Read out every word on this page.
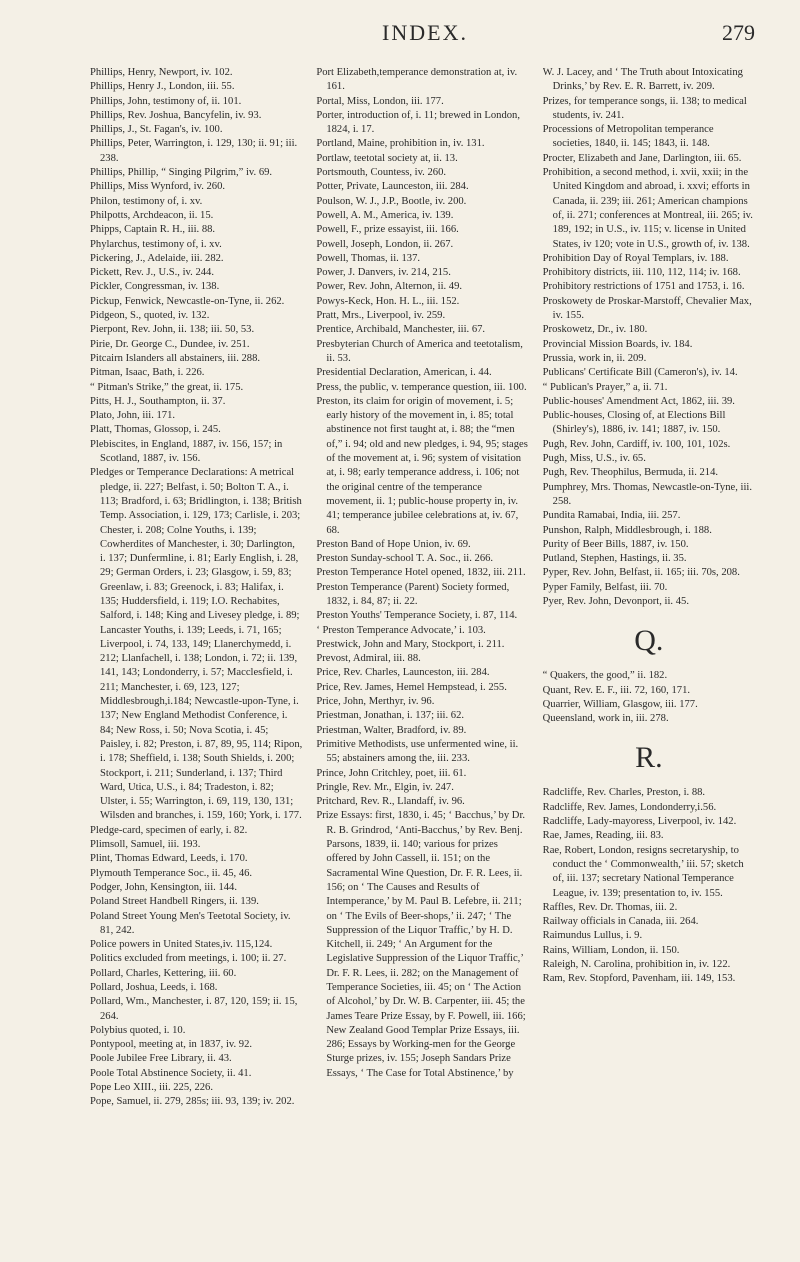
INDEX.	279

Phillips, Henry, Newport, iv. 102.

Phillips, Henry J., London, iii. 55.

Phillips, John, testimony of, ii. 101.

Phillips, Rev. Joshua, Bancyfelin, iv. 93.

Phillips, J., St. Fagan's, iv. 100.

Phillips, Peter, Warrington, i. 129, 130; ii. 91; iii. 238.

Phillips, Phillip, “ Singing Pilgrim,” iv. 69.

Phillips, Miss Wynford, iv. 260.

Philon, testimony of, i. xv.

Philpotts, Archdeacon, ii. 15.

Phipps, Captain R. H., iii. 88.

Phylarchus, testimony of, i. xv.

Pickering, J., Adelaide, iii. 282.

Pickett, Rev. J., U.S., iv. 244.

Pickler, Congressman, iv. 138.

Pickup, Fenwick, Newcastle-on-Tyne, ii. 262.

Pidgeon, S., quoted, iv. 132.

Pierpont, Rev. John, ii. 138; iii. 50, 53.

Pirie, Dr. George C., Dundee, iv. 251.

Pitcairn Islanders all abstainers, iii. 288.

Pitman, Isaac, Bath, i. 226.

“ Pitman's Strike,” the great, ii. 175.

Pitts, H. J., Southampton, ii. 37.

Plato, John, iii. 171.

Platt, Thomas, Glossop, i. 245.

Plebiscites, in England, 1887, iv. 156, 157; in Scotland, 1887, iv. 156.

Pledges or Temperance Declarations: A metrical pledge, ii. 227; Belfast, i. 50; Bolton T. A., i. 113; Bradford, i. 63; Bridlington, i. 138; British Temp. Association, i. 129, 173; Carlisle, i. 203; Chester, i. 208; Colne Youths, i. 139; Cowherdites of Manchester, i. 30; Darlington, i. 137; Dunfermline, i. 81; Early English, i. 28, 29; German Orders, i. 23; Glasgow, i. 59, 83; Greenlaw, i. 83; Greenock, i. 83; Halifax, i. 135; Huddersfield, i. 119; I.O. Rechabites, Salford, i. 148; King and Livesey pledge, i. 89; Lancaster Youths, i. 139; Leeds, i. 71, 165; Liverpool, i. 74, 133, 149; Llanerchymedd, i. 212; Llanfachell, i. 138; London, i. 72; ii. 139, 141, 143; Londonderry, i. 57; Macclesfield, i. 211; Manchester, i. 69, 123, 127; Middlesbrough,i.184; Newcastle-upon-Tyne, i. 137; New England Methodist Conference, i. 84; New Ross, i. 50; Nova Scotia, i. 45; Paisley, i. 82; Preston, i. 87, 89, 95, 114; Ripon, i. 178; Sheffield, i. 138; South Shields, i. 200; Stockport, i. 211; Sunderland, i. 137; Third Ward, Utica, U.S., i. 84; Tradeston, i. 82; Ulster, i. 55; Warrington, i. 69, 119, 130, 131; Wilsden and branches, i. 159, 160; York, i. 177.

Pledge-card, specimen of early, i. 82.

Plimsoll, Samuel, iii. 193.

Plint, Thomas Edward, Leeds, i. 170.

Plymouth Temperance Soc., ii. 45, 46.

Podger, John, Kensington, iii. 144.

Poland Street Handbell Ringers, ii. 139.

Poland Street Young Men's Teetotal Society, iv. 81, 242.

Police powers in United States,iv. 115,124.

Politics excluded from meetings, i. 100; ii. 27.

Pollard, Charles, Kettering, iii. 60.

Pollard, Joshua, Leeds, i. 168.

Pollard, Wm., Manchester, i. 87, 120, 159; ii. 15, 264.

Polybius quoted, i. 10.

Pontypool, meeting at, in 1837, iv. 92.

Poole Jubilee Free Library, ii. 43.

Poole Total Abstinence Society, ii. 41.

Pope Leo XIII., iii. 225, 226.

Pope, Samuel, ii. 279, 285s; iii. 93, 139; iv. 202.

Port Elizabeth,temperance demonstration at, iv. 161.

Portal, Miss, London, iii. 177.

Porter, introduction of, i. 11; brewed in London, 1824, i. 17.

Portland, Maine, prohibition in, iv. 131.

Portlaw, teetotal society at, ii. 13.

Portsmouth, Countess, iv. 260.

Potter, Private, Launceston, iii. 284.

Poulson, W. J., J.P., Bootle, iv. 200.

Powell, A. M., America, iv. 139.

Powell, F., prize essayist, iii. 166.

Powell, Joseph, London, ii. 267.

Powell, Thomas, ii. 137.

Power, J. Danvers, iv. 214, 215.

Power, Rev. John, Alternon, ii. 49.

Powys-Keck, Hon. H. L., iii. 152.

Pratt, Mrs., Liverpool, iv. 259.

Prentice, Archibald, Manchester, iii. 67.

Presbyterian Church of America and teetotalism, ii. 53.

Presidential Declaration, American, i. 44.

Press, the public, v. temperance question, iii. 100.

Preston, its claim for origin of movement, i. 5; early history of the movement in, i. 85; total abstinence not first taught at, i. 88; the “men of,” i. 94; old and new pledges, i. 94, 95; stages of the movement at, i. 96; system of visitation at, i. 98; early temperance address, i. 106; not the original centre of the temperance movement, ii. 1; public-house property in, iv. 41; temperance jubilee celebrations at, iv. 67, 68.

Preston Band of Hope Union, iv. 69.

Preston Sunday-school T. A. Soc., ii. 266.

Preston Temperance Hotel opened, 1832, iii. 211.

Preston Temperance (Parent) Society formed, 1832, i. 84, 87; ii. 22.

Preston Youths' Temperance Society, i. 87, 114.

‘ Preston Temperance Advocate,’ i. 103.

Prestwick, John and Mary, Stockport, i. 211.

Prevost, Admiral, iii. 88.

Price, Rev. Charles, Launceston, iii. 284.

Price, Rev. James, Hemel Hempstead, i. 255.

Price, John, Merthyr, iv. 96.

Priestman, Jonathan, i. 137; iii. 62.

Priestman, Walter, Bradford, iv. 89.

Primitive Methodists, use unfermented wine, ii. 55; abstainers among the, iii. 233.

Prince, John Critchley, poet, iii. 61.

Pringle, Rev. Mr., Elgin, iv. 247.

Pritchard, Rev. R., Llandaff, iv. 96.

Prize Essays: first, 1830, i. 45; ‘ Bacchus,’ by Dr. R. B. Grindrod, ‘Anti-Bacchus,’ by Rev. Benj. Parsons, 1839, ii. 140; various for prizes offered by John Cassell, ii. 151; on the Sacramental Wine Question, Dr. F. R. Lees, ii. 156; on ‘ The Causes and Results of Intemperance,’ by M. Paul B. Lefebre, ii. 211; on ‘ The Evils of Beer-shops,’ ii. 247; ‘ The Suppression of the Liquor Traffic,’ by H. D. Kitchell, ii. 249; ‘ An Argument for the Legislative Suppression of the Liquor Traffic,’ Dr. F. R. Lees, ii. 282; on the Management of Temperance Societies, iii. 45; on ‘ The Action of Alcohol,’ by Dr. W. B. Carpenter, iii. 45; the James Teare Prize Essay, by F. Powell, iii. 166; New Zealand Good Templar Prize Essays, iii. 286; Essays by Working-men for the George Sturge prizes, iv. 155; Joseph Sandars Prize Essays, ‘ The Case for Total Abstinence,’ by

W. J. Lacey, and ‘ The Truth about Intoxicating Drinks,’ by Rev. E. R. Barrett, iv. 209.

Prizes, for temperance songs, ii. 138; to medical students, iv. 241.

Processions of Metropolitan temperance societies, 1840, ii. 145; 1843, ii. 148.

Procter, Elizabeth and Jane, Darlington, iii. 65.

Prohibition, a second method, i. xvii, xxii; in the United Kingdom and abroad, i. xxvi; efforts in Canada, ii. 239; iii. 261; American champions of, ii. 271; conferences at Montreal, iii. 265; iv. 189, 192; in U.S., iv. 115; v. license in United States, iv 120; vote in U.S., growth of, iv. 138.

Prohibition Day of Royal Templars, iv. 188.

Prohibitory districts, iii. 110, 112, 114; iv. 168.

Prohibitory restrictions of 1751 and 1753, i. 16.

Proskowety de Proskar-Marstoff, Chevalier Max, iv. 155.

Proskowetz, Dr., iv. 180.

Provincial Mission Boards, iv. 184.

Prussia, work in, ii. 209.

Publicans' Certificate Bill (Cameron's), iv. 14.

“ Publican's Prayer,” a, ii. 71.

Public-houses' Amendment Act, 1862, iii. 39.

Public-houses, Closing of, at Elections Bill (Shirley's), 1886, iv. 141; 1887, iv. 150.

Pugh, Rev. John, Cardiff, iv. 100, 101, 102s.

Pugh, Miss, U.S., iv. 65.

Pugh, Rev. Theophilus, Bermuda, ii. 214.

Pumphrey, Mrs. Thomas, Newcastle-on-Tyne, iii. 258.

Pundita Ramabai, India, iii. 257.

Punshon, Ralph, Middlesbrough, i. 188.

Purity of Beer Bills, 1887, iv. 150.

Putland, Stephen, Hastings, ii. 35.

Pyper, Rev. John, Belfast, ii. 165; iii. 70s, 208.

Pyper Family, Belfast, iii. 70.

Pyer, Rev. John, Devonport, ii. 45.

Q.

“ Quakers, the good,” ii. 182.

Quant, Rev. E. F., iii. 72, 160, 171.

Quarrier, William, Glasgow, iii. 177.

Queensland, work in, iii. 278.

R.

Radcliffe, Rev. Charles, Preston, i. 88.

Radcliffe, Rev. James, Londonderry,i.56.

Radcliffe, Lady-mayoress, Liverpool, iv. 142.

Rae, James, Reading, iii. 83.

Rae, Robert, London, resigns secretaryship, to conduct the ‘ Commonwealth,’ iii. 57; sketch of, iii. 137; secretary National Temperance League, iv. 139; presentation to, iv. 155.

Raffles, Rev. Dr. Thomas, iii. 2.

Railway officials in Canada, iii. 264.

Raimundus Lullus, i. 9.

Rains, William, London, ii. 150.

Raleigh, N. Carolina, prohibition in, iv. 122.

Ram, Rev. Stopford, Pavenham, iii. 149, 153.
